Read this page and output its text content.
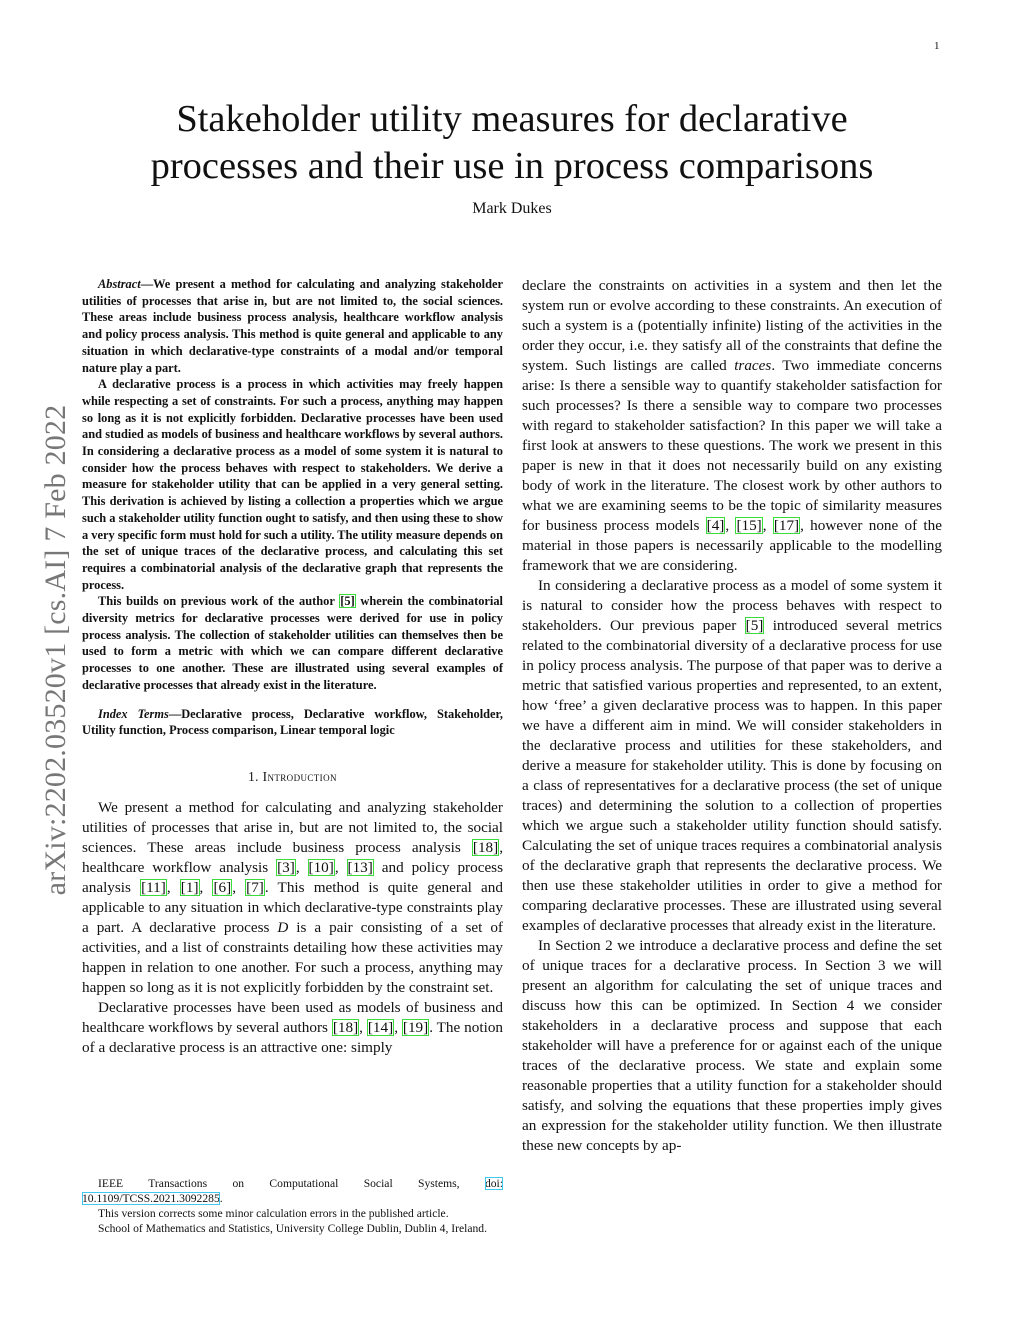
1
arXiv:2202.03520v1 [cs.AI] 7 Feb 2022
Stakeholder utility measures for declarative
processes and their use in process comparisons
Mark Dukes

Abstract—We present a method for calculating and analyzing stakeholder utilities of processes that arise in, but are not limited to, the social sciences. These areas include business process analysis, healthcare workflow analysis and policy process analysis. This method is quite general and applicable to any situation in which declarative-type constraints of a modal and/or temporal nature play a part.

A declarative process is a process in which activities may freely happen while respecting a set of constraints. For such a process, anything may happen so long as it is not explicitly forbidden. Declarative processes have been used and studied as models of business and healthcare workflows by several authors. In considering a declarative process as a model of some system it is natural to consider how the process behaves with respect to stakeholders. We derive a measure for stakeholder utility that can be applied in a very general setting. This derivation is achieved by listing a collection a properties which we argue such a stakeholder utility function ought to satisfy, and then using these to show a very specific form must hold for such a utility. The utility measure depends on the set of unique traces of the declarative process, and calculating this set requires a combinatorial analysis of the declarative graph that represents the process.

This builds on previous work of the author [5] wherein the combinatorial diversity metrics for declarative processes were derived for use in policy process analysis. The collection of stakeholder utilities can themselves then be used to form a metric with which we can compare different declarative processes to one another. These are illustrated using several examples of declarative processes that already exist in the literature.

Index Terms—Declarative process, Declarative workflow, Stakeholder, Utility function, Process comparison, Linear temporal logic
1. Introduction

We present a method for calculating and analyzing stakeholder utilities of processes that arise in, but are not limited to, the social sciences. These areas include business process analysis [18], healthcare workflow analysis [3], [10], [13] and policy process analysis [11], [1], [6], [7]. This method is quite general and applicable to any situation in which declarative-type constraints play a part. A declarative process D is a pair consisting of a set of activities, and a list of constraints detailing how these activities may happen in relation to one another. For such a process, anything may happen so long as it is not explicitly forbidden by the constraint set.

Declarative processes have been used as models of business and healthcare workflows by several authors [18], [14], [19]. The notion of a declarative process is an attractive one: simply

IEEE Transactions on Computational Social Systems, doi:

10.1109/TCSS.2021.3092285.

This version corrects some minor calculation errors in the published article.

School of Mathematics and Statistics, University College Dublin, Dublin 4, Ireland.

declare the constraints on activities in a system and then let the system run or evolve according to these constraints. An execution of such a system is a (potentially infinite) listing of the activities in the order they occur, i.e. they satisfy all of the constraints that define the system. Such listings are called traces. Two immediate concerns arise: Is there a sensible way to quantify stakeholder satisfaction for such processes? Is there a sensible way to compare two processes with regard to stakeholder satisfaction? In this paper we will take a first look at answers to these questions. The work we present in this paper is new in that it does not necessarily build on any existing body of work in the literature. The closest work by other authors to what we are examining seems to be the topic of similarity measures for business process models [4], [15], [17], however none of the material in those papers is necessarily applicable to the modelling framework that we are considering.

In considering a declarative process as a model of some system it is natural to consider how the process behaves with respect to stakeholders. Our previous paper [5] introduced several metrics related to the combinatorial diversity of a declarative process for use in policy process analysis. The purpose of that paper was to derive a metric that satisfied various properties and represented, to an extent, how ‘free’ a given declarative process was to happen. In this paper we have a different aim in mind. We will consider stakeholders in the declarative process and utilities for these stakeholders, and derive a measure for stakeholder utility. This is done by focusing on a class of representatives for a declarative process (the set of unique traces) and determining the solution to a collection of properties which we argue such a stakeholder utility function should satisfy. Calculating the set of unique traces requires a combinatorial analysis of the declarative graph that represents the declarative process. We then use these stakeholder utilities in order to give a method for comparing declarative processes. These are illustrated using several examples of declarative processes that already exist in the literature.

In Section 2 we introduce a declarative process and define the set of unique traces for a declarative process. In Section 3 we will present an algorithm for calculating the set of unique traces and discuss how this can be optimized. In Section 4 we consider stakeholders in a declarative process and suppose that each stakeholder will have a preference for or against each of the unique traces of the declarative process. We state and explain some reasonable properties that a utility function for a stakeholder should satisfy, and solving the equations that these properties imply gives an expression for the stakeholder utility function. We then illustrate these new concepts by ap-
